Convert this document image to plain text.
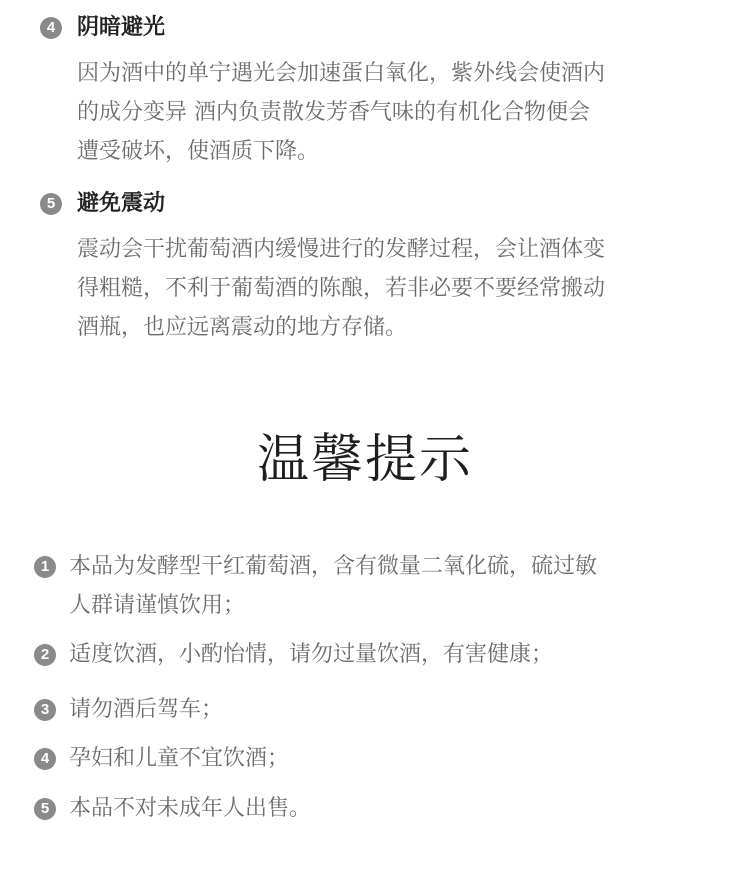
4 阴暗避光
因为酒中的单宁遇光会加速蛋白氧化，紫外线会使酒内
的成分变异 酒内负责散发芳香气味的有机化合物便会
遭受破坏，使酒质下降。
5 避免震动
震动会干扰葡萄酒内缓慢进行的发酵过程，会让酒体变
得粗糙，不利于葡萄酒的陈酿，若非必要不要经常搬动
酒瓶，也应远离震动的地方存储。
温馨提示
1 本品为发酵型干红葡萄酒，含有微量二氧化硫，硫过敏
人群请谨慎饮用；
2 适度饮酒，小酌怡情，请勿过量饮酒，有害健康；
3 请勿酒后驾车；
4 孕妇和儿童不宜饮酒；
5 本品不对未成年人出售。
